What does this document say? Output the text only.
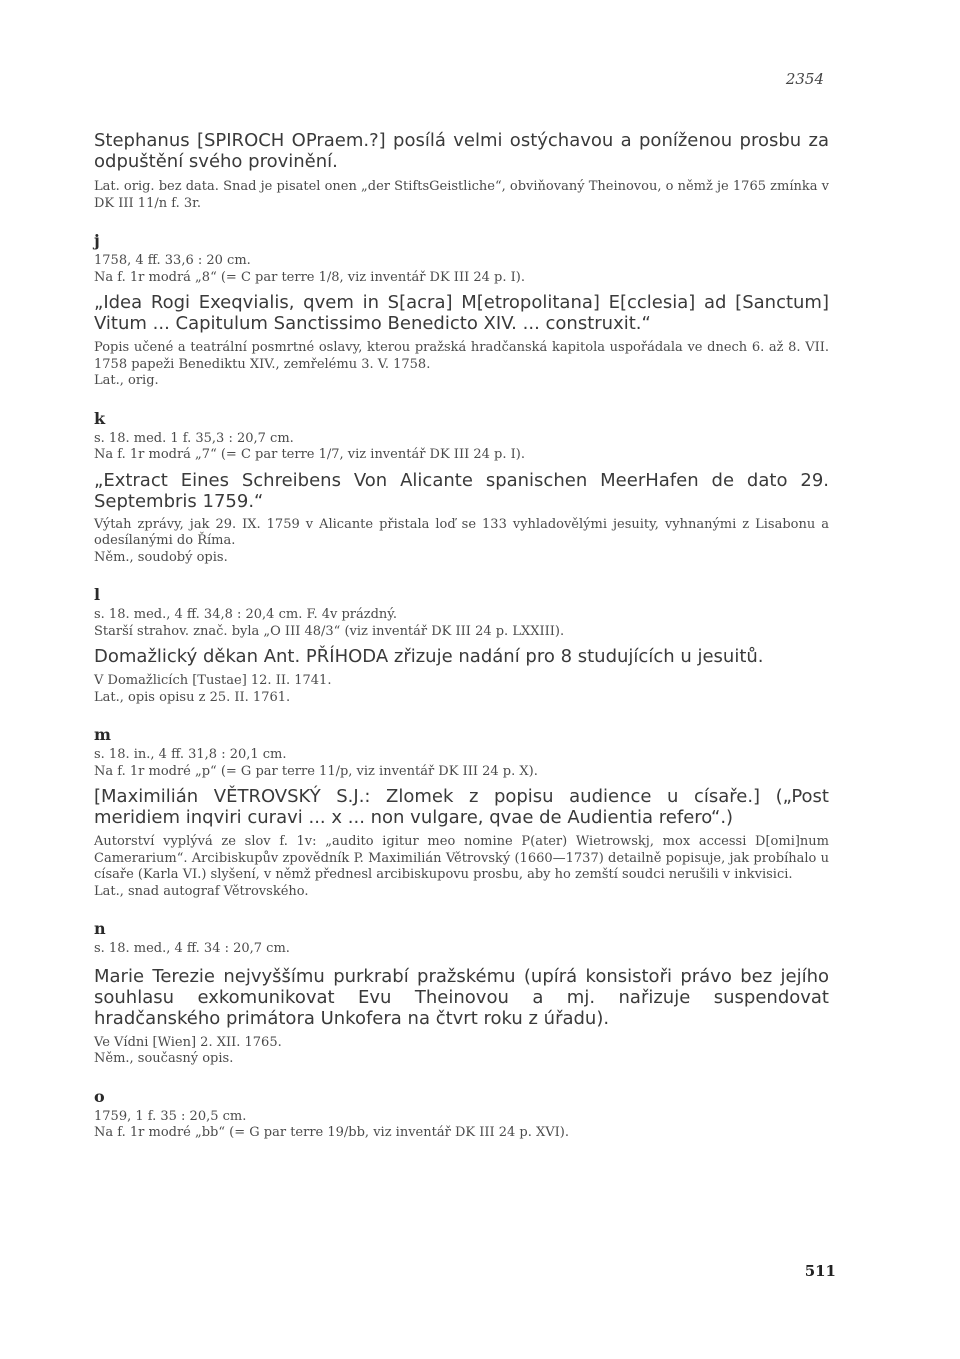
2354

Stephanus [SPIROCH OPraem.?] posílá velmi ostýchavou a poníženou prosbu za odpuštění svého provinění.

Lat. orig. bez data. Snad je pisatel onen „der StiftsGeistliche“, obviňovaný Theinovou, o němž je 1765 zmínka v DK III 11/n f. 3r.

j

1758, 4 ff. 33,6 : 20 cm.

Na f. 1r modrá „8“ (= C par terre 1/8, viz inventář DK III 24 p. I).

„Idea Rogi Exeqvialis, qvem in S[acra] M[etropolitana] E[cclesia] ad [Sanctum] Vitum ... Capitulum Sanctissimo Benedicto XIV. ... construxit.“

Popis učené a teatrální posmrtné oslavy, kterou pražská hradčanská kapitola uspořádala ve dnech 6. až 8. VII. 1758 papeži Benediktu XIV., zemřelému 3. V. 1758.

Lat., orig.

k

s. 18. med. 1 f. 35,3 : 20,7 cm.

Na f. 1r modrá „7“ (= C par terre 1/7, viz inventář DK III 24 p. I).

„Extract Eines Schreibens Von Alicante spanischen MeerHafen de dato 29. Septembris 1759.“

Výtah zprávy, jak 29. IX. 1759 v Alicante přistala loď se 133 vyhladovělými jesuity, vyhnanými z Lisabonu a odesílanými do Říma.

Něm., soudobý opis.

l

s. 18. med., 4 ff. 34,8 : 20,4 cm. F. 4v prázdný.

Starší strahov. znač. byla „O III 48/3“ (viz inventář DK III 24 p. LXXIII).

Domažlický děkan Ant. PŘÍHODA zřizuje nadání pro 8 studujících u jesuitů.

V Domažlicích [Tustae] 12. II. 1741.

Lat., opis opisu z 25. II. 1761.

m

s. 18. in., 4 ff. 31,8 : 20,1 cm.

Na f. 1r modré „p“ (= G par terre 11/p, viz inventář DK III 24 p. X).

[Maximilián VĚTROVSKÝ S.J.: Zlomek z popisu audience u císaře.] („Post meridiem inqviri curavi ... x ... non vulgare, qvae de Audientia refero“.)

Autorství vyplývá ze slov f. 1v: „audito igitur meo nomine P(ater) Wietrowskj, mox accessi D[omi]num Camerarium“. Arcibiskupův zpovědník P. Maximilián Větrovský (1660—1737) detailně popisuje, jak probíhalo u císaře (Karla VI.) slyšení, v němž přednesl arcibiskupovu prosbu, aby ho zemští soudci nerušili v inkvisici.

Lat., snad autograf Větrovského.

n

s. 18. med., 4 ff. 34 : 20,7 cm.

Marie Terezie nejvyššímu purkrabí pražskému (upírá konsistoři právo bez jejího souhlasu exkomunikovat Evu Theinovou a mj. nařizuje suspendovat hradčanského primátora Unkofera na čtvrt roku z úřadu).

Ve Vídni [Wien] 2. XII. 1765.

Něm., současný opis.

o

1759, 1 f. 35 : 20,5 cm.

Na f. 1r modré „bb“ (= G par terre 19/bb, viz inventář DK III 24 p. XVI).

511
